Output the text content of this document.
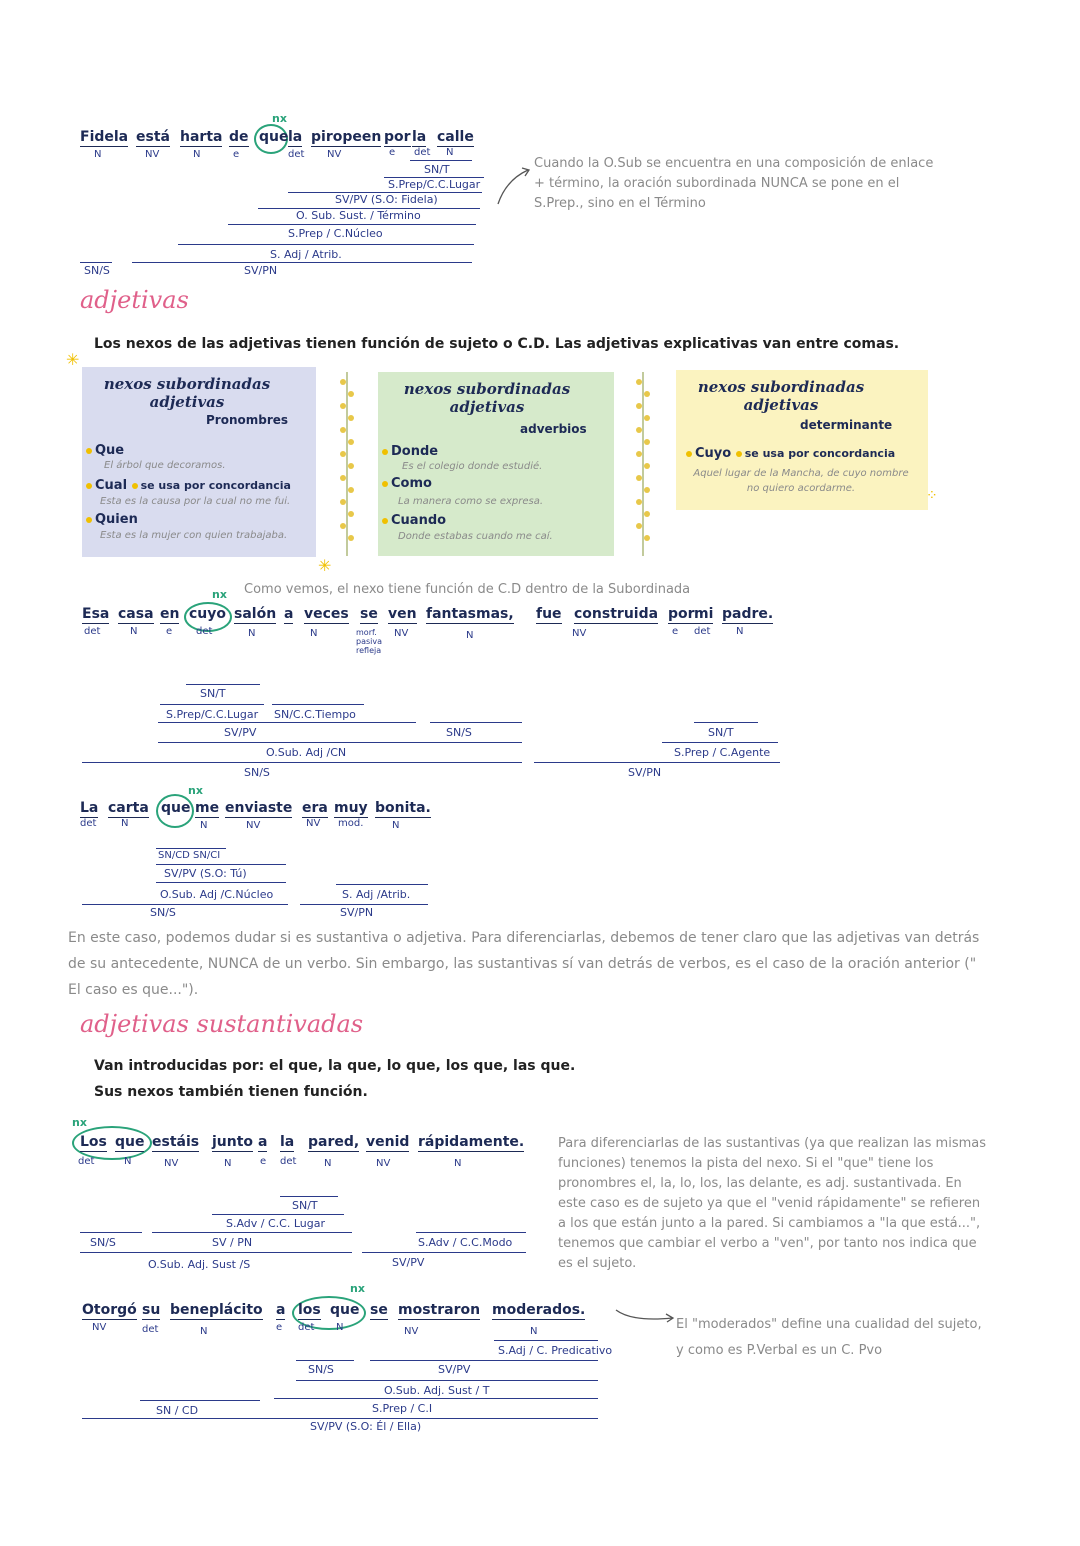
nx
Fidela está harta de que la piropeen por la calle
N	NV	N	e	det NV	e det N
SN/T
S.Prep/C.C.Lugar
SV/PV (S.O: Fidela)
O. Sub. Sust. / Término
S.Prep / C.Núcleo
S. Adj / Atrib.
SN/S	SV/PN
Cuando la O.Sub se encuentra en una composición de enlace + término, la oración subordinada NUNCA se pone en el S.Prep., sino en el Término
adjetivas
Los nexos de las adjetivas tienen función de sujeto o C.D. Las adjetivas explicativas van entre comas.
✳
nexos subordinadas adjetivas
Pronombres
Que
El árbol que decoramos.
Cual se usa por concordancia
Esta es la causa por la cual no me fui.
Quien
Esta es la mujer con quien trabajaba.
nexos subordinadas adjetivas
adverbios
Donde
Es el colegio donde estudié.
Como
La manera como se expresa.
Cuando
Donde estabas cuando me caí.
nexos subordinadas adjetivas
determinante
Cuyo se usa por concordancia
Aquel lugar de la Mancha, de cuyo nombre no quiero acordarme.	⁘
✳
nx Como vemos, el nexo tiene función de C.D dentro de la Subordinada
Esa casa en cuyo salón a veces se ven fantasmas, fue construida por mi padre.
det	N	e det	N	N	morf. pasiva refleja
NV	N	NV	e det	N
SN/T
S.Prep/C.C.Lugar SN/C.C.Tiempo
SV/PV	SN/S
O.Sub. Adj /CN
SN/S
SN/T
S.Prep / C.Agente
SV/PN
nx
La carta que me enviaste era muy bonita.
det N	N	NV	NV mod.	N
SN/CD SN/CI
SV/PV (S.O: Tú)
O.Sub. Adj /C.Núcleo	S. Adj /Atrib.
SN/S	SV/PN
En este caso, podemos dudar si es sustantiva o adjetiva. Para diferenciarlas, debemos de tener claro que las adjetivas van detrás de su antecedente, NUNCA de un verbo. Sin embargo, las sustantivas sí van detrás de verbos, es el caso de la oración anterior (" El caso es que...").
adjetivas sustantivadas
Van introducidas por: el que, la que, lo que, los que, las que.
Sus nexos también tienen función.
nx
Los que estáis junto a la pared, venid rápidamente.
det	N	NV	N	e det	N	NV	N
SN/T
S.Adv / C.C. Lugar
SN/S	SV / PN	S.Adv / C.C.Modo
O.Sub. Adj. Sust /S	SV/PV
Para diferenciarlas de las sustantivas (ya que realizan las mismas funciones) tenemos la pista del nexo. Si el "que" tiene los pronombres el, la, lo, los, las delante, es adj. sustantivada. En este caso es de sujeto ya que el "venid rápidamente" se refieren a los que están junto a la pared. Si cambiamos a "la que está...", tenemos que cambiar el verbo a "ven", por tanto nos indica que es el sujeto.
nx
Otorgó su beneplácito a los que se mostraron moderados.
NV	det	N	e det N	NV	N
S.Adj / C. Predicativo
SN/S	SV/PV
O.Sub. Adj. Sust / T
S.Prep / C.I
SN / CD
SV/PV (S.O: Él / Ella)
El "moderados" define una cualidad del sujeto, y como es P.Verbal es un C. Pvo
